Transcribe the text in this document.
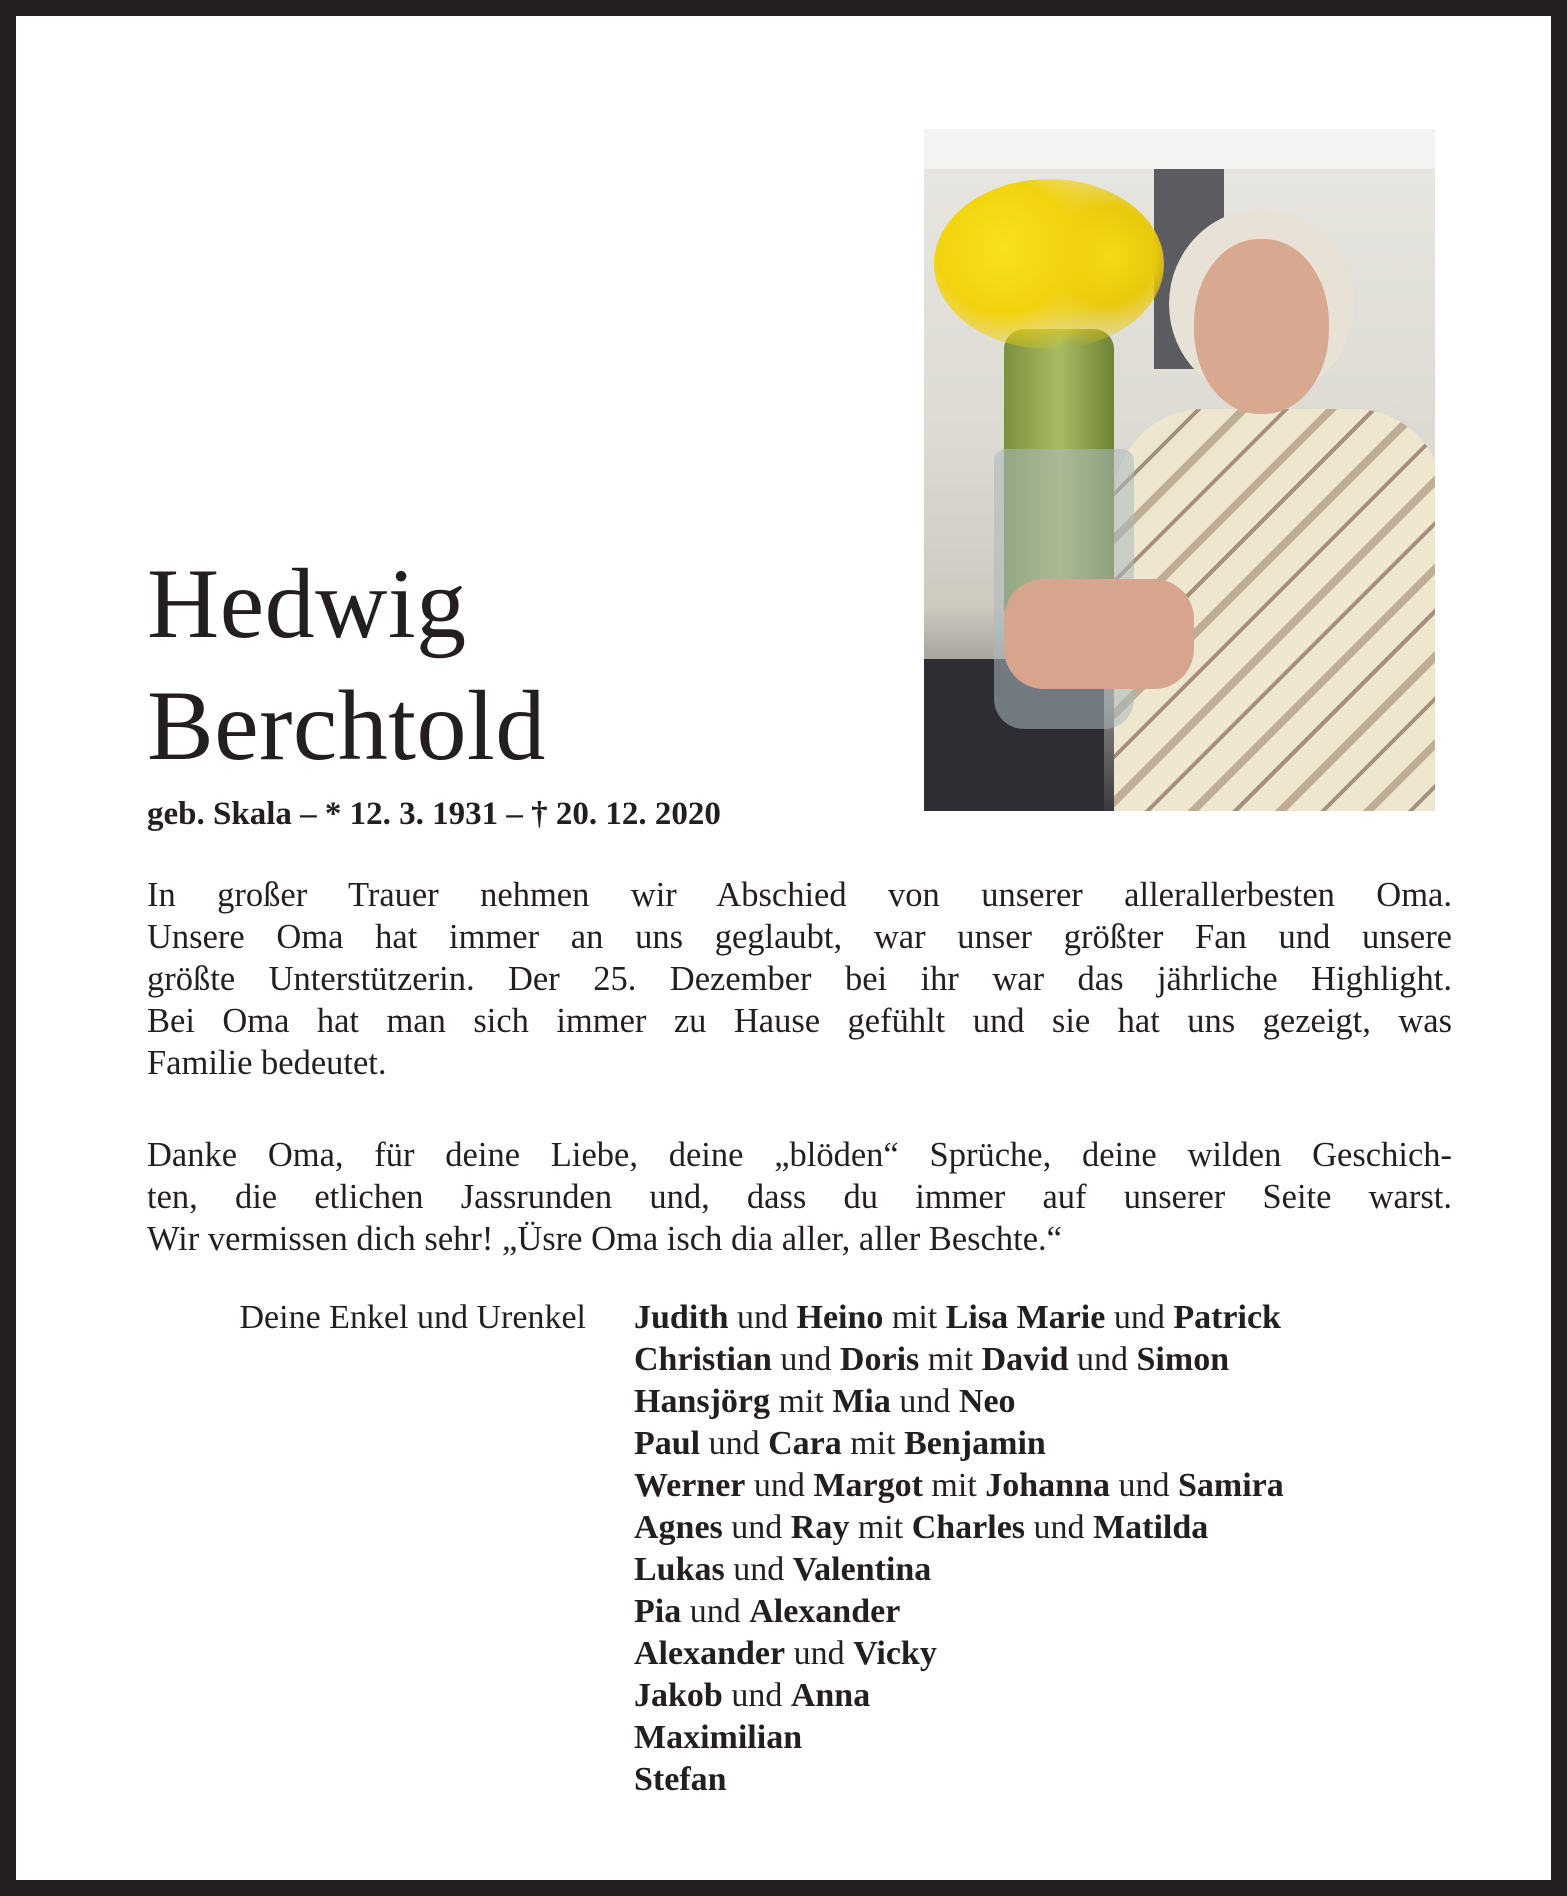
Hedwig
Berchtold
geb. Skala – * 12. 3. 1931 – † 20. 12. 2020
In großer Trauer nehmen wir Abschied von unserer allerallerbesten Oma.
Unsere Oma hat immer an uns geglaubt, war unser größter Fan und unsere
größte Unterstützerin. Der 25. Dezember bei ihr war das jährliche Highlight.
Bei Oma hat man sich immer zu Hause gefühlt und sie hat uns gezeigt, was
Familie bedeutet.
Danke Oma, für deine Liebe, deine „blöden“ Sprüche, deine wilden Geschich-
ten, die etlichen Jassrunden und, dass du immer auf unserer Seite warst.
Wir vermissen dich sehr! „Üsre Oma isch dia aller, aller Beschte.“
Deine Enkel und Urenkel Judith und Heino mit Lisa Marie und Patrick
Christian und Doris mit David und Simon
Hansjörg mit Mia und Neo
Paul und Cara mit Benjamin
Werner und Margot mit Johanna und Samira
Agnes und Ray mit Charles und Matilda
Lukas und Valentina
Pia und Alexander
Alexander und Vicky
Jakob und Anna
Maximilian
Stefan
